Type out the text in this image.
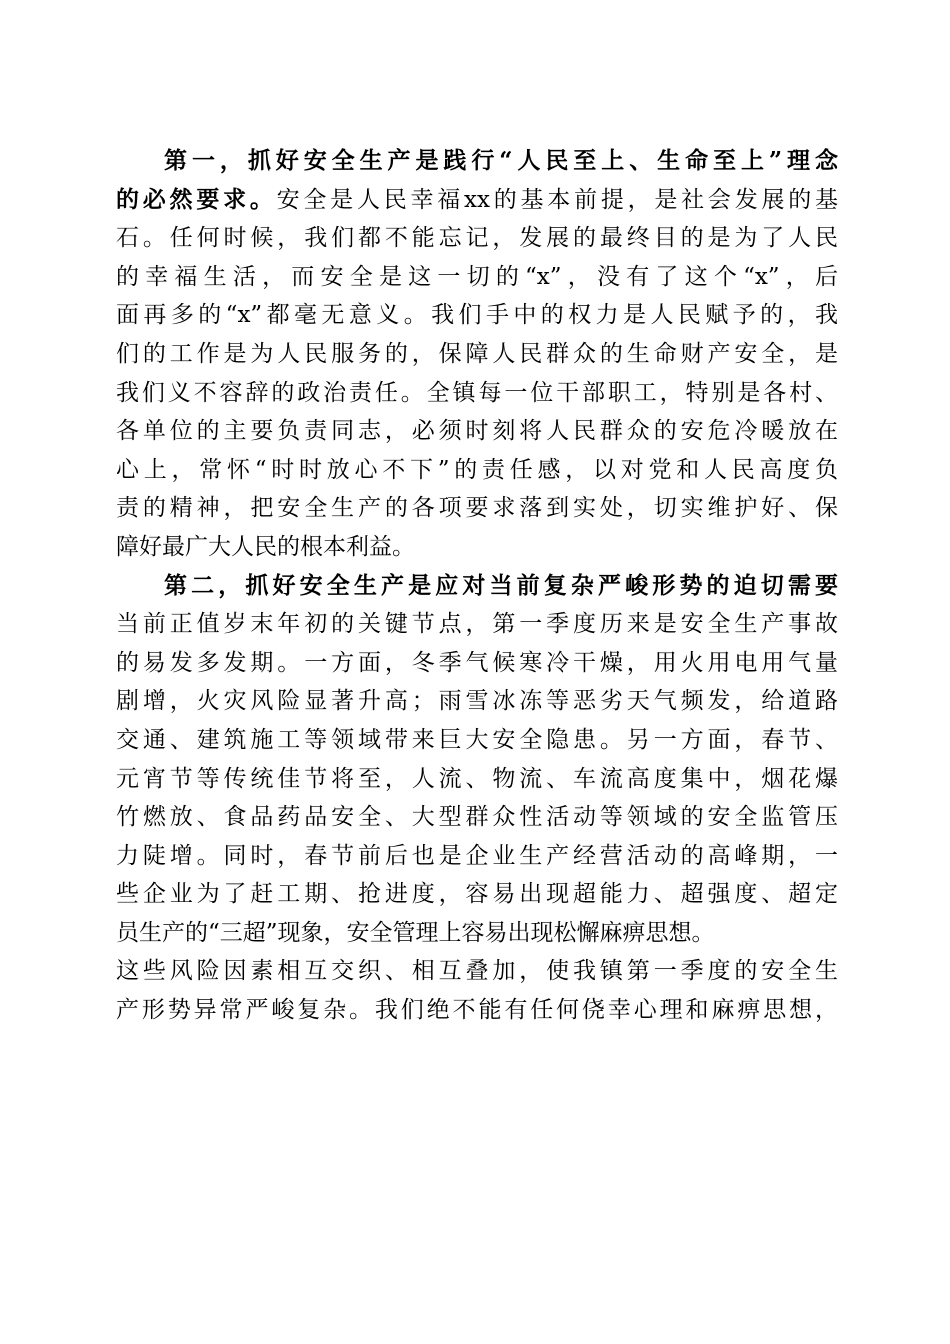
第一，抓好安全生产是践行“人民至上、生命至上”理念
的必然要求。安全是人民幸福xx的基本前提，是社会发展的基
石。任何时候，我们都不能忘记，发展的最终目的是为了人民
的幸福生活，而安全是这一切的“x”，没有了这个“x”，后
面再多的“x”都毫无意义。我们手中的权力是人民赋予的，我
们的工作是为人民服务的，保障人民群众的生命财产安全，是
我们义不容辞的政治责任。全镇每一位干部职工，特别是各村、
各单位的主要负责同志，必须时刻将人民群众的安危冷暖放在
心上，常怀“时时放心不下”的责任感，以对党和人民高度负
责的精神，把安全生产的各项要求落到实处，切实维护好、保
障好最广大人民的根本利益。
第二，抓好安全生产是应对当前复杂严峻形势的迫切需要
当前正值岁末年初的关键节点，第一季度历来是安全生产事故
的易发多发期。一方面，冬季气候寒冷干燥，用火用电用气量
剧增，火灾风险显著升高；雨雪冰冻等恶劣天气频发，给道路
交通、建筑施工等领域带来巨大安全隐患。另一方面，春节、
元宵节等传统佳节将至，人流、物流、车流高度集中，烟花爆
竹燃放、食品药品安全、大型群众性活动等领域的安全监管压
力陡增。同时，春节前后也是企业生产经营活动的高峰期，一
些企业为了赶工期、抢进度，容易出现超能力、超强度、超定
员生产的“三超”现象，安全管理上容易出现松懈麻痹思想。
这些风险因素相互交织、相互叠加，使我镇第一季度的安全生
产形势异常严峻复杂。我们绝不能有任何侥幸心理和麻痹思想，
